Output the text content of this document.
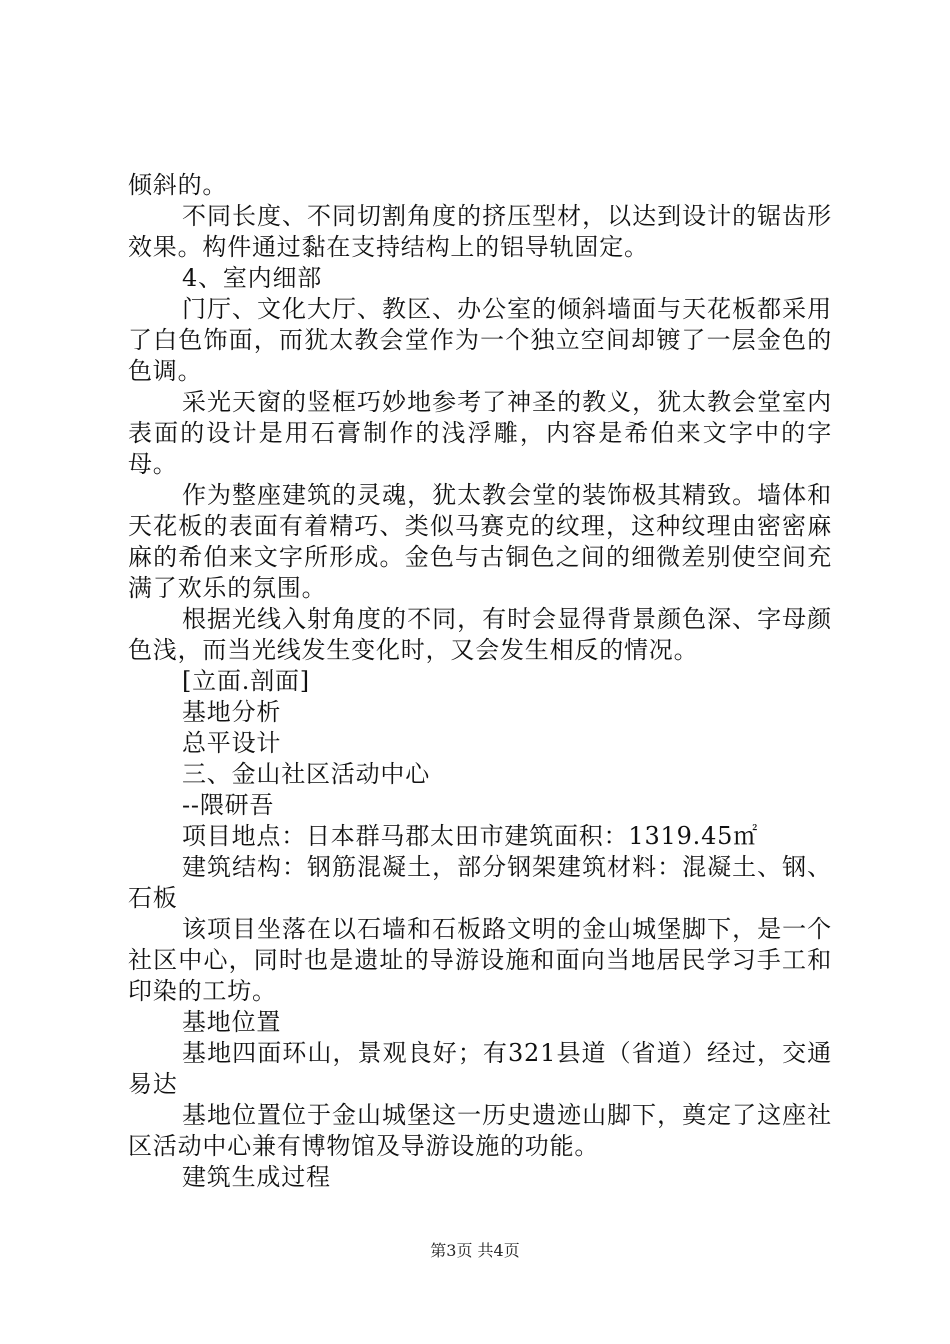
倾斜的。

不同长度、不同切割角度的挤压型材，以达到设计的锯齿形效果。构件通过黏在支持结构上的铝导轨固定。

4、室内细部

门厅、文化大厅、教区、办公室的倾斜墙面与天花板都采用了白色饰面，而犹太教会堂作为一个独立空间却镀了一层金色的色调。

采光天窗的竖框巧妙地参考了神圣的教义，犹太教会堂室内表面的设计是用石膏制作的浅浮雕，内容是希伯来文字中的字母。

作为整座建筑的灵魂，犹太教会堂的装饰极其精致。墙体和天花板的表面有着精巧、类似马赛克的纹理，这种纹理由密密麻麻的希伯来文字所形成。金色与古铜色之间的细微差别使空间充满了欢乐的氛围。

根据光线入射角度的不同，有时会显得背景颜色深、字母颜色浅，而当光线发生变化时，又会发生相反的情况。

[立面.剖面]

基地分析

总平设计

三、金山社区活动中心

--隈研吾

项目地点：日本群马郡太田市建筑面积：1319.45㎡

建筑结构：钢筋混凝土，部分钢架建筑材料：混凝土、钢、石板

该项目坐落在以石墙和石板路文明的金山城堡脚下，是一个社区中心，同时也是遗址的导游设施和面向当地居民学习手工和印染的工坊。

基地位置

基地四面环山，景观良好；有321县道（省道）经过，交通易达

基地位置位于金山城堡这一历史遗迹山脚下，奠定了这座社区活动中心兼有博物馆及导游设施的功能。

建筑生成过程

第3页 共4页
